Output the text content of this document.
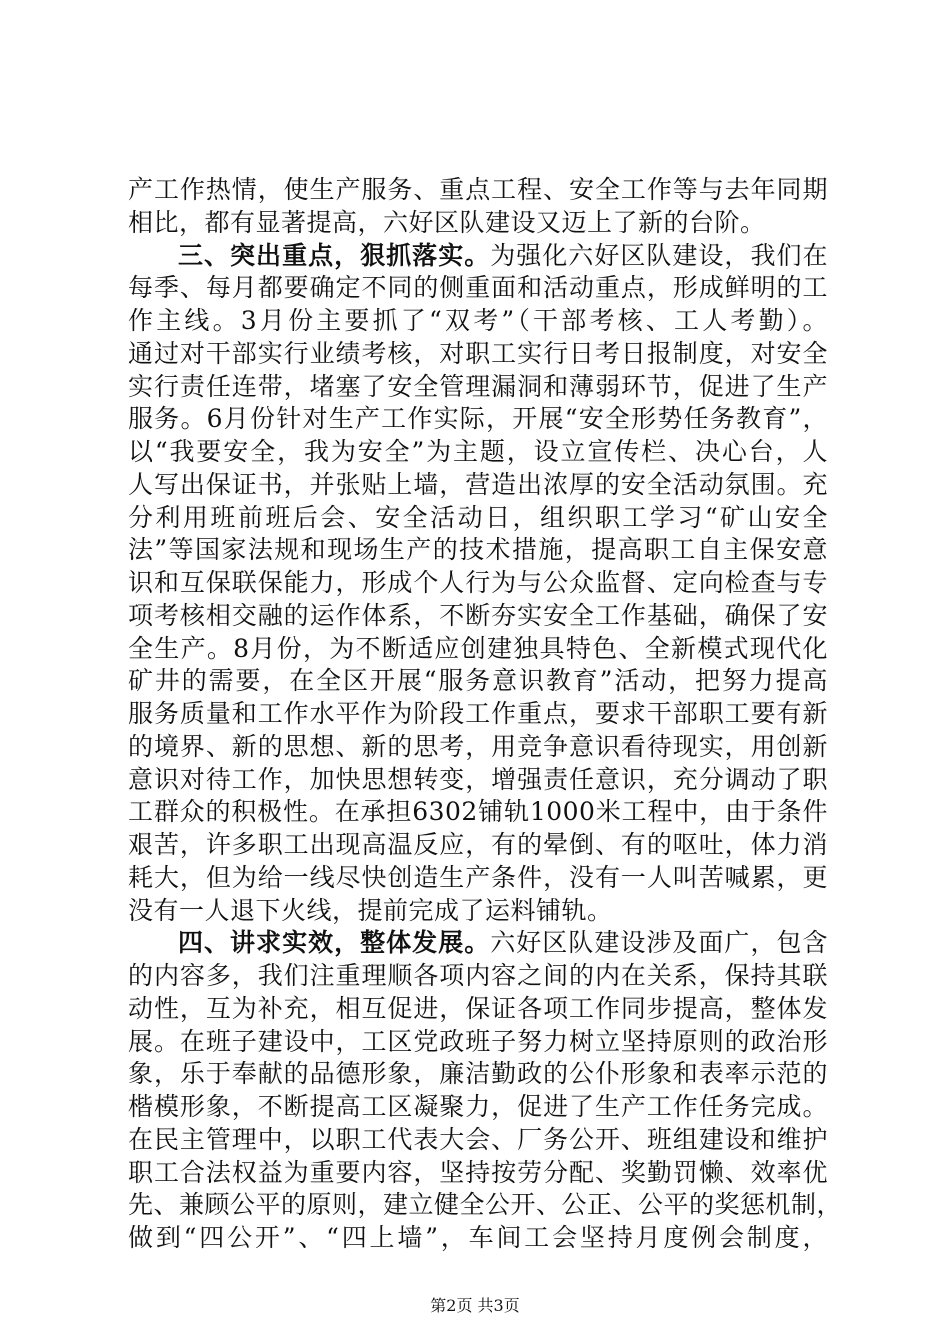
产工作热情，使生产服务、重点工程、安全工作等与去年同期
相比，都有显著提高，六好区队建设又迈上了新的台阶。
三、突出重点，狠抓落实。为强化六好区队建设，我们在
每季、每月都要确定不同的侧重面和活动重点，形成鲜明的工
作主线。3月份主要抓了“双考”（干部考核、工人考勤）。
通过对干部实行业绩考核，对职工实行日考日报制度，对安全
实行责任连带，堵塞了安全管理漏洞和薄弱环节，促进了生产
服务。6月份针对生产工作实际，开展“安全形势任务教育”，
以“我要安全，我为安全”为主题，设立宣传栏、决心台，人
人写出保证书，并张贴上墙，营造出浓厚的安全活动氛围。充
分利用班前班后会、安全活动日，组织职工学习“矿山安全
法”等国家法规和现场生产的技术措施，提高职工自主保安意
识和互保联保能力，形成个人行为与公众监督、定向检查与专
项考核相交融的运作体系，不断夯实安全工作基础，确保了安
全生产。8月份，为不断适应创建独具特色、全新模式现代化
矿井的需要，在全区开展“服务意识教育”活动，把努力提高
服务质量和工作水平作为阶段工作重点，要求干部职工要有新
的境界、新的思想、新的思考，用竞争意识看待现实，用创新
意识对待工作，加快思想转变，增强责任意识，充分调动了职
工群众的积极性。在承担6302铺轨1000米工程中，由于条件
艰苦，许多职工出现高温反应，有的晕倒、有的呕吐，体力消
耗大，但为给一线尽快创造生产条件，没有一人叫苦喊累，更
没有一人退下火线，提前完成了运料铺轨。
四、讲求实效，整体发展。六好区队建设涉及面广，包含
的内容多，我们注重理顺各项内容之间的内在关系，保持其联
动性，互为补充，相互促进，保证各项工作同步提高，整体发
展。在班子建设中，工区党政班子努力树立坚持原则的政治形
象，乐于奉献的品德形象，廉洁勤政的公仆形象和表率示范的
楷模形象，不断提高工区凝聚力，促进了生产工作任务完成。
在民主管理中，以职工代表大会、厂务公开、班组建设和维护
职工合法权益为重要内容，坚持按劳分配、奖勤罚懒、效率优
先、兼顾公平的原则，建立健全公开、公正、公平的奖惩机制，
做到“四公开”、“四上墙”，车间工会坚持月度例会制度，
第2页 共3页
